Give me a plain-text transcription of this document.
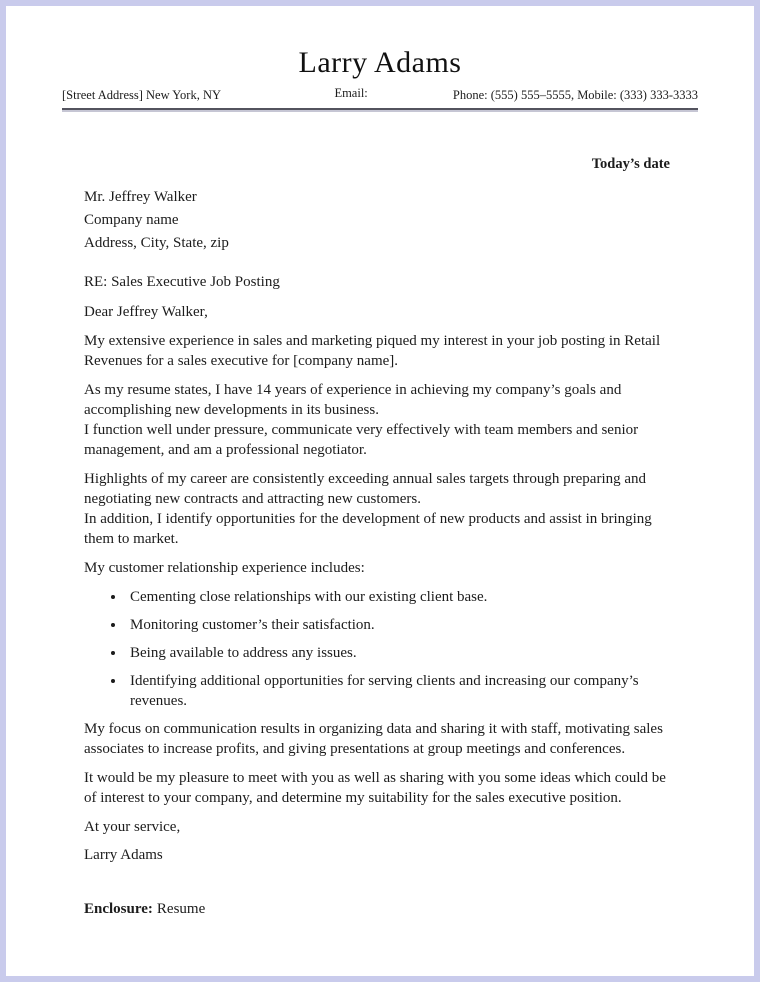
Larry Adams
[Street Address] New York, NY	Email:	Phone: (555) 555–5555, Mobile: (333) 333-3333
Today’s date
Mr. Jeffrey Walker
Company name
Address, City, State, zip
RE: Sales Executive Job Posting
Dear Jeffrey Walker,

My extensive experience in sales and marketing piqued my interest in your job posting in Retail Revenues for a sales executive for [company name].

As my resume states, I have 14 years of experience in achieving my company’s goals and accomplishing new developments in its business.
I function well under pressure, communicate very effectively with team members and senior management, and am a professional negotiator.
Highlights of my career are consistently exceeding annual sales targets through preparing and negotiating new contracts and attracting new customers.
In addition, I identify opportunities for the development of new products and assist in bringing them to market.

My customer relationship experience includes:

• Cementing close relationships with our existing client base.
• Monitoring customer’s their satisfaction.
• Being available to address any issues.
• Identifying additional opportunities for serving clients and increasing our company’s revenues.

My focus on communication results in organizing data and sharing it with staff, motivating sales associates to increase profits, and giving presentations at group meetings and conferences.

It would be my pleasure to meet with you as well as sharing with you some ideas which could be of interest to your company, and determine my suitability for the sales executive position.

At your service,
Larry Adams
Enclosure: Resume
